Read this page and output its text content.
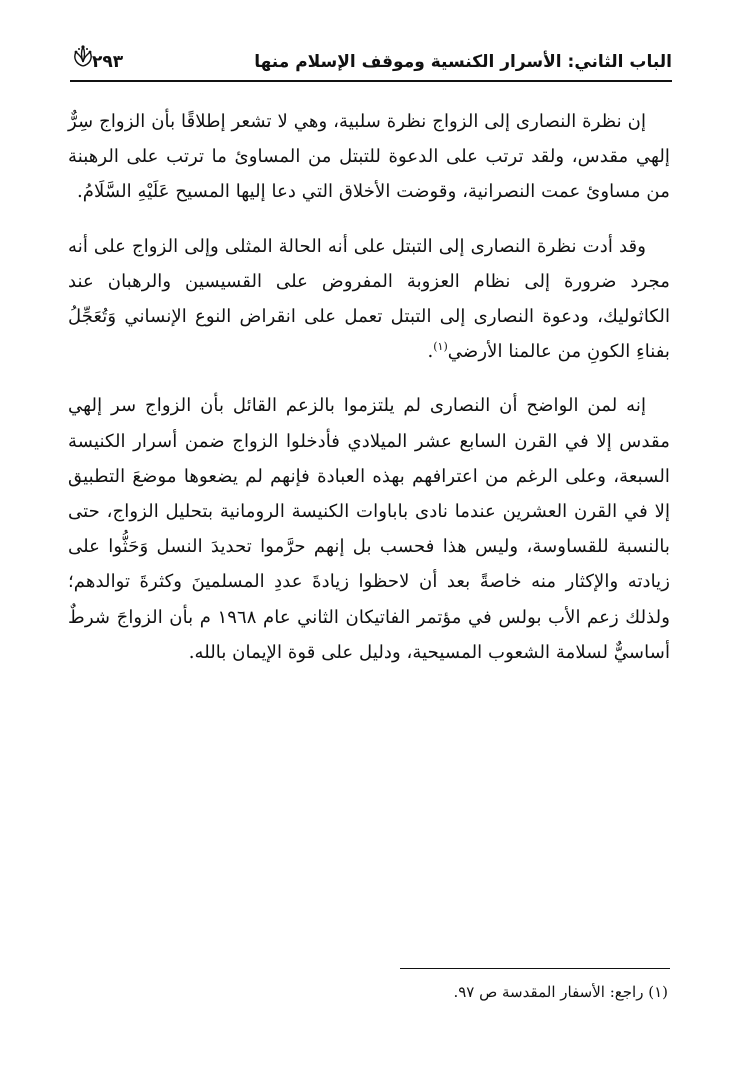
الباب الثاني: الأسرار الكنسية وموقف الإسلام منها
٢٩٣

إن نظرة النصارى إلى الزواج نظرة سلبية، وهي لا تشعر إطلاقًا بأن الزواج سِرٌّ إلهي مقدس، ولقد ترتب على الدعوة للتبتل من المساوئ ما ترتب على الرهبنة من مساوئ عمت النصرانية، وقوضت الأخلاق التي دعا إليها المسيح عَلَيْهِ السَّلَامُ.

وقد أدت نظرة النصارى إلى التبتل على أنه الحالة المثلى وإلى الزواج على أنه مجرد ضرورة إلى نظام العزوبة المفروض على القسيسين والرهبان عند الكاثوليك، ودعوة النصارى إلى التبتل تعمل على انقراض النوع الإنساني وَتُعَجِّلُ بفناءِ الكونِ من عالمنا الأرضي$^{(١)}$.

إنه لمن الواضح أن النصارى لم يلتزموا بالزعم القائل بأن الزواج سر إلهي مقدس إلا في القرن السابع عشر الميلادي فأدخلوا الزواج ضمن أسرار الكنيسة السبعة، وعلى الرغم من اعترافهم بهذه العبادة فإنهم لم يضعوها موضعَ التطبيق إلا في القرن العشرين عندما نادى باباوات الكنيسة الرومانية بتحليل الزواج، حتى بالنسبة للقساوسة، وليس هذا فحسب بل إنهم حرَّموا تحديدَ النسل وَحَثُّوا على زيادته والإكثار منه خاصةً بعد أن لاحظوا زيادةَ عددِ المسلمينَ وكثرةَ توالدهم؛ ولذلك زعم الأب بولس في مؤتمر الفاتيكان الثاني عام ١٩٦٨ م بأن الزواجَ شرطٌ أساسيٌّ لسلامة الشعوب المسيحية، ودليل على قوة الإيمان بالله.

(١) راجع: الأسفار المقدسة ص ٩٧.
